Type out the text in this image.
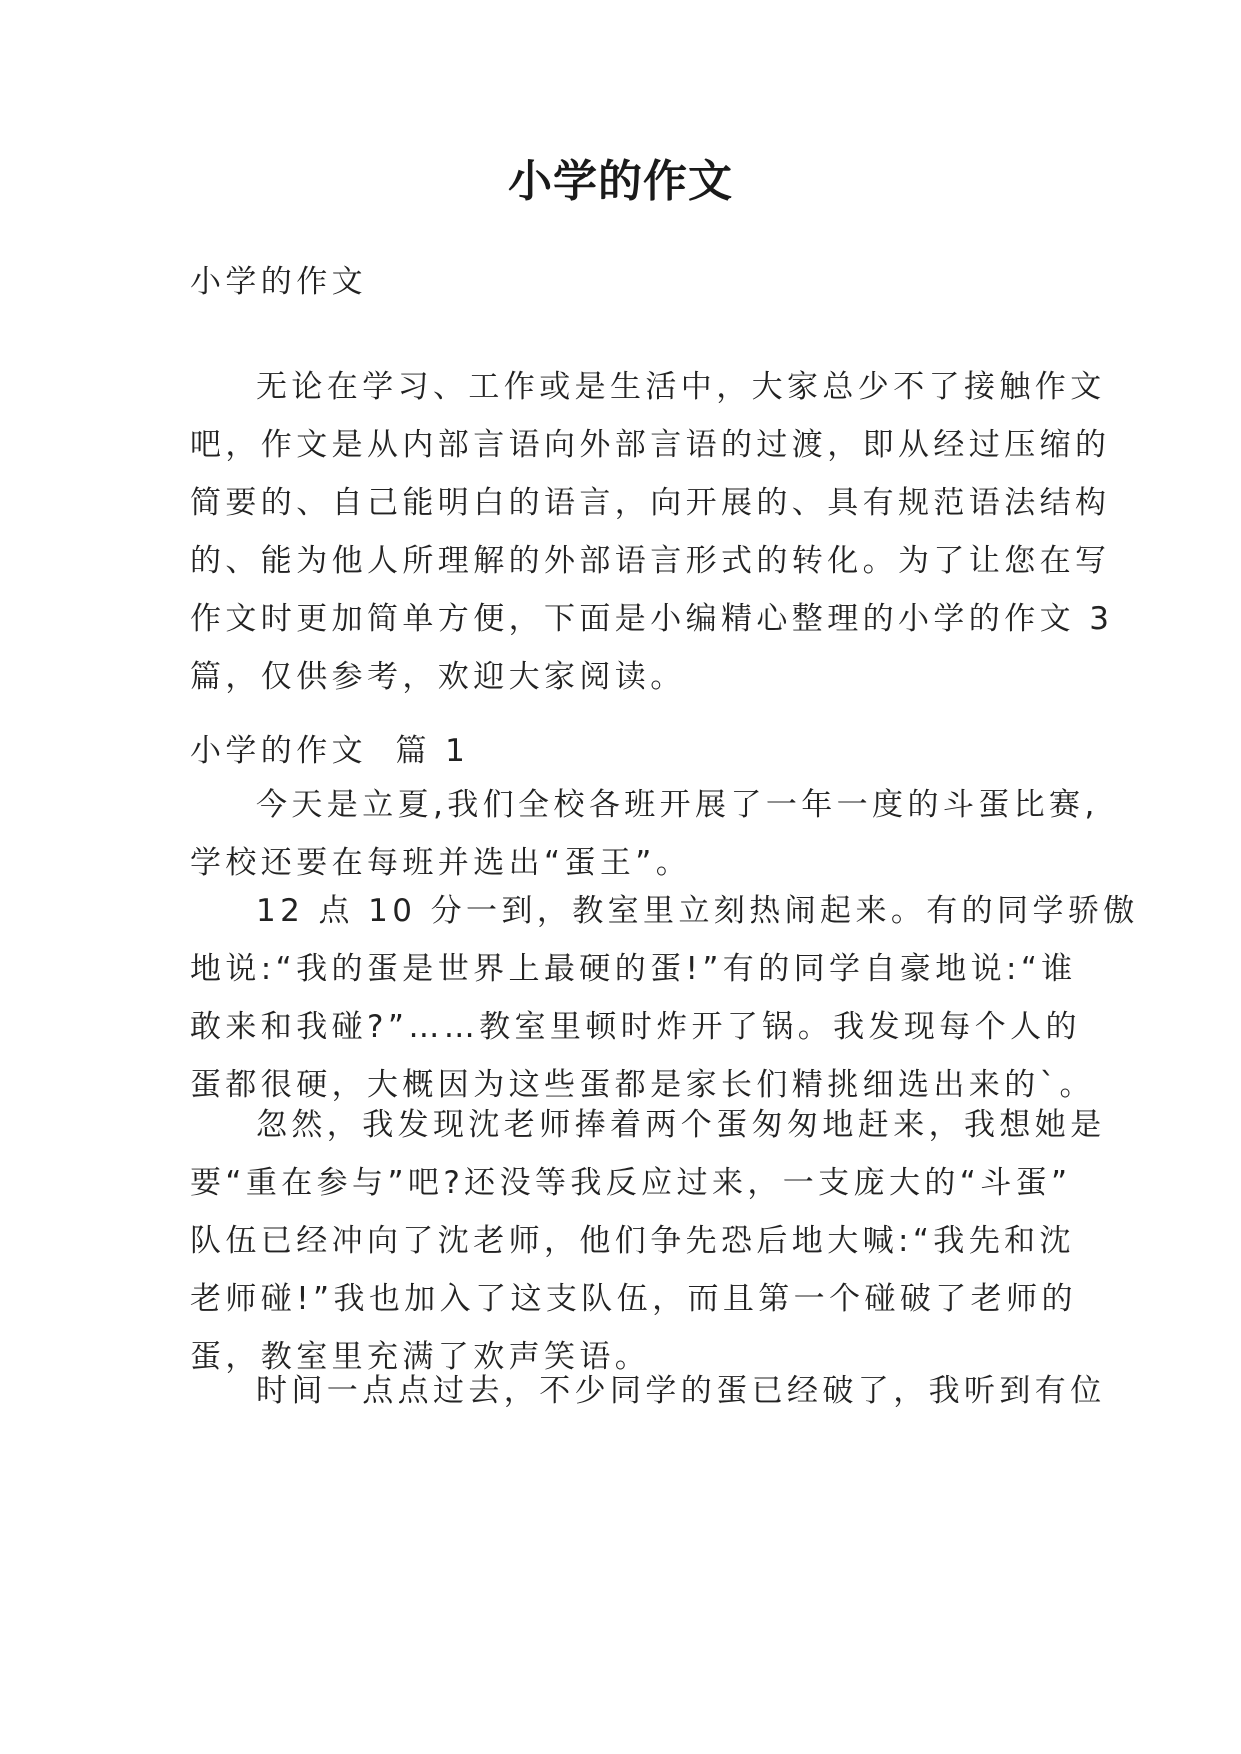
小学的作文
小学的作文
无论在学习、工作或是生活中，大家总少不了接触作文
吧，作文是从内部言语向外部言语的过渡，即从经过压缩的
简要的、自己能明白的语言，向开展的、具有规范语法结构
的、能为他人所理解的外部语言形式的转化。为了让您在写
作文时更加简单方便，下面是小编精心整理的小学的作文 3
篇，仅供参考，欢迎大家阅读。
小学的作文  篇 1
今天是立夏,我们全校各班开展了一年一度的斗蛋比赛,
学校还要在每班并选出“蛋王”。
12 点 10 分一到，教室里立刻热闹起来。有的同学骄傲
地说:“我的蛋是世界上最硬的蛋!”有的同学自豪地说:“谁
敢来和我碰?”……教室里顿时炸开了锅。我发现每个人的
蛋都很硬，大概因为这些蛋都是家长们精挑细选出来的`。
忽然，我发现沈老师捧着两个蛋匆匆地赶来，我想她是
要“重在参与”吧?还没等我反应过来，一支庞大的“斗蛋”
队伍已经冲向了沈老师，他们争先恐后地大喊:“我先和沈
老师碰!”我也加入了这支队伍，而且第一个碰破了老师的
蛋，教室里充满了欢声笑语。
时间一点点过去，不少同学的蛋已经破了，我听到有位
